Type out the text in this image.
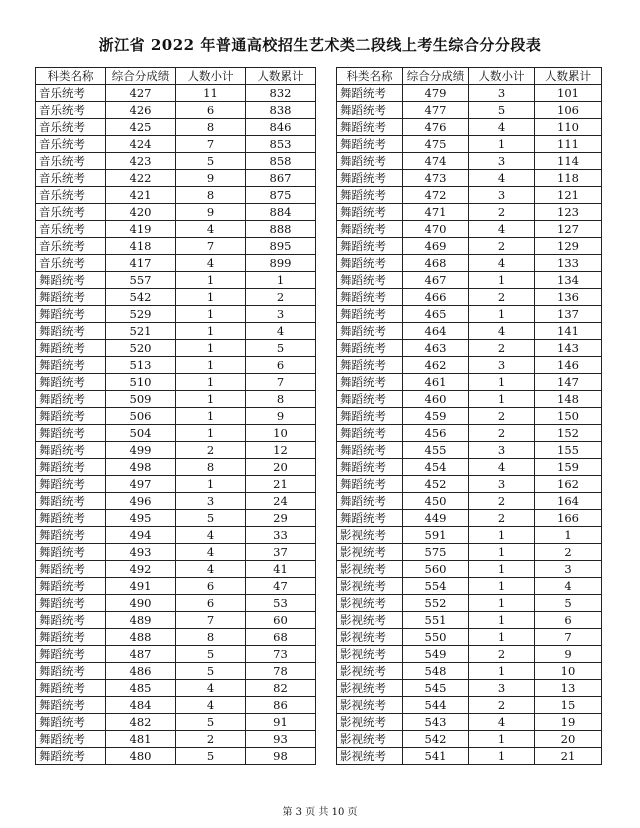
浙江省 2022 年普通高校招生艺术类二段线上考生综合分分段表
科类名称	综合分成绩	人数小计	人数累计
音乐统考	427	11	832
音乐统考	426	6	838
音乐统考	425	8	846
音乐统考	424	7	853
音乐统考	423	5	858
音乐统考	422	9	867
音乐统考	421	8	875
音乐统考	420	9	884
音乐统考	419	4	888
音乐统考	418	7	895
音乐统考	417	4	899
舞蹈统考	557	1	1
舞蹈统考	542	1	2
舞蹈统考	529	1	3
舞蹈统考	521	1	4
舞蹈统考	520	1	5
舞蹈统考	513	1	6
舞蹈统考	510	1	7
舞蹈统考	509	1	8
舞蹈统考	506	1	9
舞蹈统考	504	1	10
舞蹈统考	499	2	12
舞蹈统考	498	8	20
舞蹈统考	497	1	21
舞蹈统考	496	3	24
舞蹈统考	495	5	29
舞蹈统考	494	4	33
舞蹈统考	493	4	37
舞蹈统考	492	4	41
舞蹈统考	491	6	47
舞蹈统考	490	6	53
舞蹈统考	489	7	60
舞蹈统考	488	8	68
舞蹈统考	487	5	73
舞蹈统考	486	5	78
舞蹈统考	485	4	82
舞蹈统考	484	4	86
舞蹈统考	482	5	91
舞蹈统考	481	2	93
舞蹈统考	480	5	98
科类名称	综合分成绩	人数小计	人数累计
舞蹈统考	479	3	101
舞蹈统考	477	5	106
舞蹈统考	476	4	110
舞蹈统考	475	1	111
舞蹈统考	474	3	114
舞蹈统考	473	4	118
舞蹈统考	472	3	121
舞蹈统考	471	2	123
舞蹈统考	470	4	127
舞蹈统考	469	2	129
舞蹈统考	468	4	133
舞蹈统考	467	1	134
舞蹈统考	466	2	136
舞蹈统考	465	1	137
舞蹈统考	464	4	141
舞蹈统考	463	2	143
舞蹈统考	462	3	146
舞蹈统考	461	1	147
舞蹈统考	460	1	148
舞蹈统考	459	2	150
舞蹈统考	456	2	152
舞蹈统考	455	3	155
舞蹈统考	454	4	159
舞蹈统考	452	3	162
舞蹈统考	450	2	164
舞蹈统考	449	2	166
影视统考	591	1	1
影视统考	575	1	2
影视统考	560	1	3
影视统考	554	1	4
影视统考	552	1	5
影视统考	551	1	6
影视统考	550	1	7
影视统考	549	2	9
影视统考	548	1	10
影视统考	545	3	13
影视统考	544	2	15
影视统考	543	4	19
影视统考	542	1	20
影视统考	541	1	21
第 3 页 共 10 页
